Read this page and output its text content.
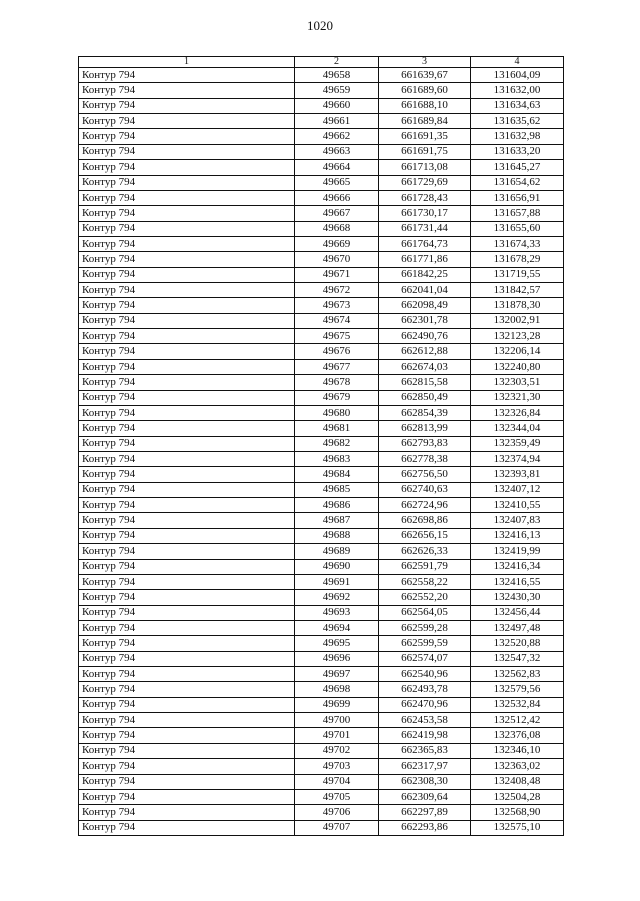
1020
1	2	3	4
Контур 794	49658	661639,67	131604,09
Контур 794	49659	661689,60	131632,00
Контур 794	49660	661688,10	131634,63
Контур 794	49661	661689,84	131635,62
Контур 794	49662	661691,35	131632,98
Контур 794	49663	661691,75	131633,20
Контур 794	49664	661713,08	131645,27
Контур 794	49665	661729,69	131654,62
Контур 794	49666	661728,43	131656,91
Контур 794	49667	661730,17	131657,88
Контур 794	49668	661731,44	131655,60
Контур 794	49669	661764,73	131674,33
Контур 794	49670	661771,86	131678,29
Контур 794	49671	661842,25	131719,55
Контур 794	49672	662041,04	131842,57
Контур 794	49673	662098,49	131878,30
Контур 794	49674	662301,78	132002,91
Контур 794	49675	662490,76	132123,28
Контур 794	49676	662612,88	132206,14
Контур 794	49677	662674,03	132240,80
Контур 794	49678	662815,58	132303,51
Контур 794	49679	662850,49	132321,30
Контур 794	49680	662854,39	132326,84
Контур 794	49681	662813,99	132344,04
Контур 794	49682	662793,83	132359,49
Контур 794	49683	662778,38	132374,94
Контур 794	49684	662756,50	132393,81
Контур 794	49685	662740,63	132407,12
Контур 794	49686	662724,96	132410,55
Контур 794	49687	662698,86	132407,83
Контур 794	49688	662656,15	132416,13
Контур 794	49689	662626,33	132419,99
Контур 794	49690	662591,79	132416,34
Контур 794	49691	662558,22	132416,55
Контур 794	49692	662552,20	132430,30
Контур 794	49693	662564,05	132456,44
Контур 794	49694	662599,28	132497,48
Контур 794	49695	662599,59	132520,88
Контур 794	49696	662574,07	132547,32
Контур 794	49697	662540,96	132562,83
Контур 794	49698	662493,78	132579,56
Контур 794	49699	662470,96	132532,84
Контур 794	49700	662453,58	132512,42
Контур 794	49701	662419,98	132376,08
Контур 794	49702	662365,83	132346,10
Контур 794	49703	662317,97	132363,02
Контур 794	49704	662308,30	132408,48
Контур 794	49705	662309,64	132504,28
Контур 794	49706	662297,89	132568,90
Контур 794	49707	662293,86	132575,10
